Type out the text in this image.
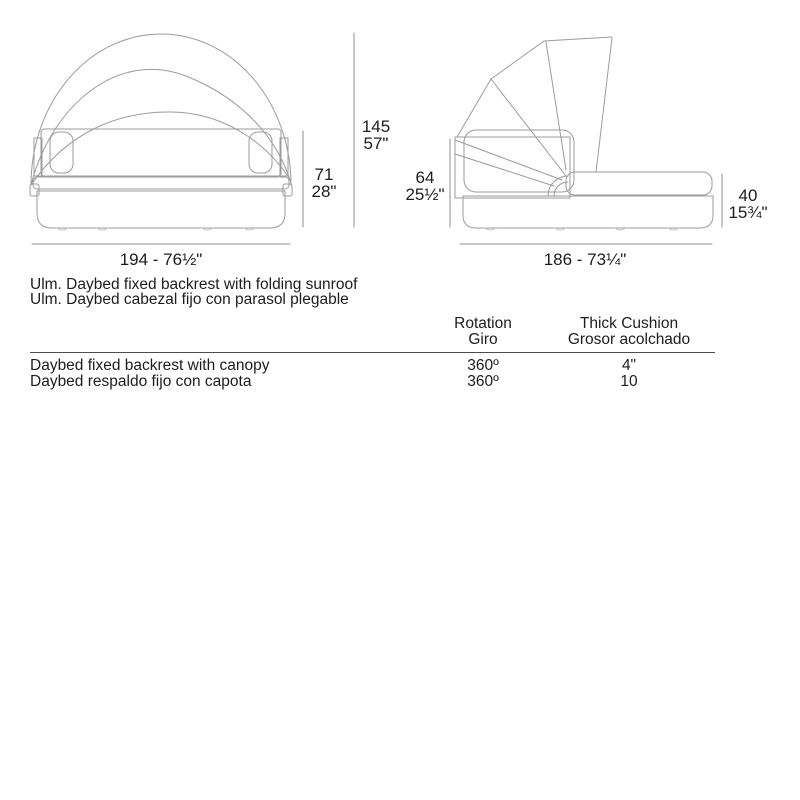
145
57"
71
28"
194 - 76½"
64
25½"	40
15¾"
186 - 73¼"
Ulm. Daybed fixed backrest with folding sunroof
Ulm. Daybed cabezal fijo con parasol plegable
Rotation
Giro
Thick Cushion
Grosor acolchado
Daybed fixed backrest with canopy	360º	4"
Daybed respaldo fijo con capota	360º	10
